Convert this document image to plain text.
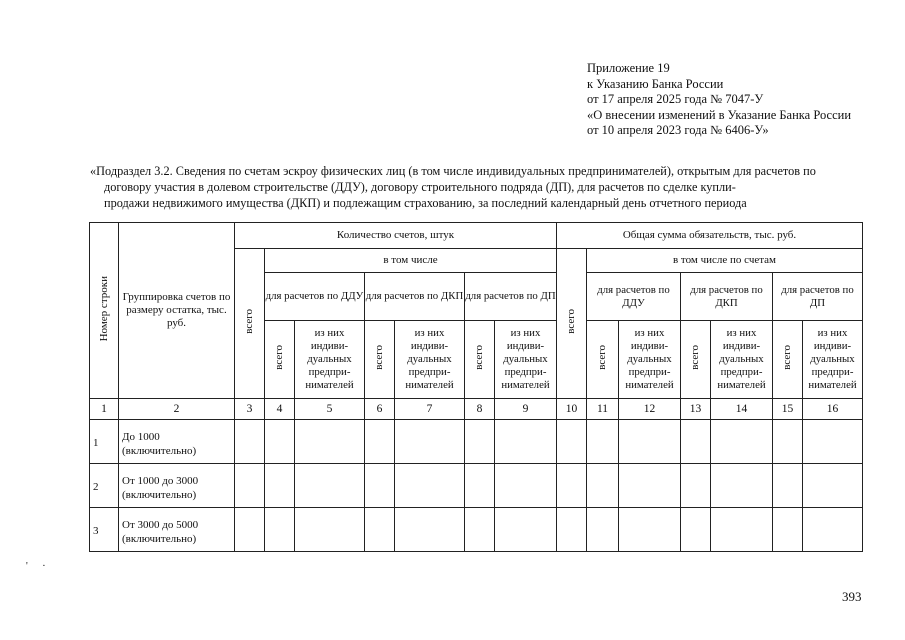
Приложение 19
к Указанию Банка России
от 17 апреля 2025 года № 7047-У
«О внесении изменений в Указание Банка России
от 10 апреля 2023 года № 6406-У»
«Подраздел 3.2. Сведения по счетам эскроу физических лиц (в том числе индивидуальных предпринимателей), открытым для расчетов по
договору участия в долевом строительстве (ДДУ), договору строительного подряда (ДП), для расчетов по сделке купли-
продажи недвижимого имущества (ДКП) и подлежащим страхованию, за последний календарный день отчетного периода
Номер строки	Группировка счетов по размеру остатка, тыс. руб.	Количество счетов, штук							Общая сумма обязательств, тыс. руб.						
		всего	в том числе						всего	в том числе по счетам					
			для расчетов по ДДУ		для расчетов по ДКП		для расчетов по ДП			для расчетов по ДДУ		для расчетов по ДКП		для расчетов по ДП	
			всего	из них индиви-дуальных предпри-нимателей	всего	из них индиви-дуальных предпри-нимателей	всего	из них индиви-дуальных предпри-нимателей		всего	из них индиви-дуальных предпри-нимателей	всего	из них индиви-дуальных предпри-нимателей	всего	из них индиви-дуальных предпри-нимателей
1	2	3	4	5	6	7	8	9	10	11	12	13	14	15	16
1	До 1000 (включительно)														
2	От 1000 до 3000 (включительно)														
3	От 3000 до 5000 (включительно)														
' ·
393
